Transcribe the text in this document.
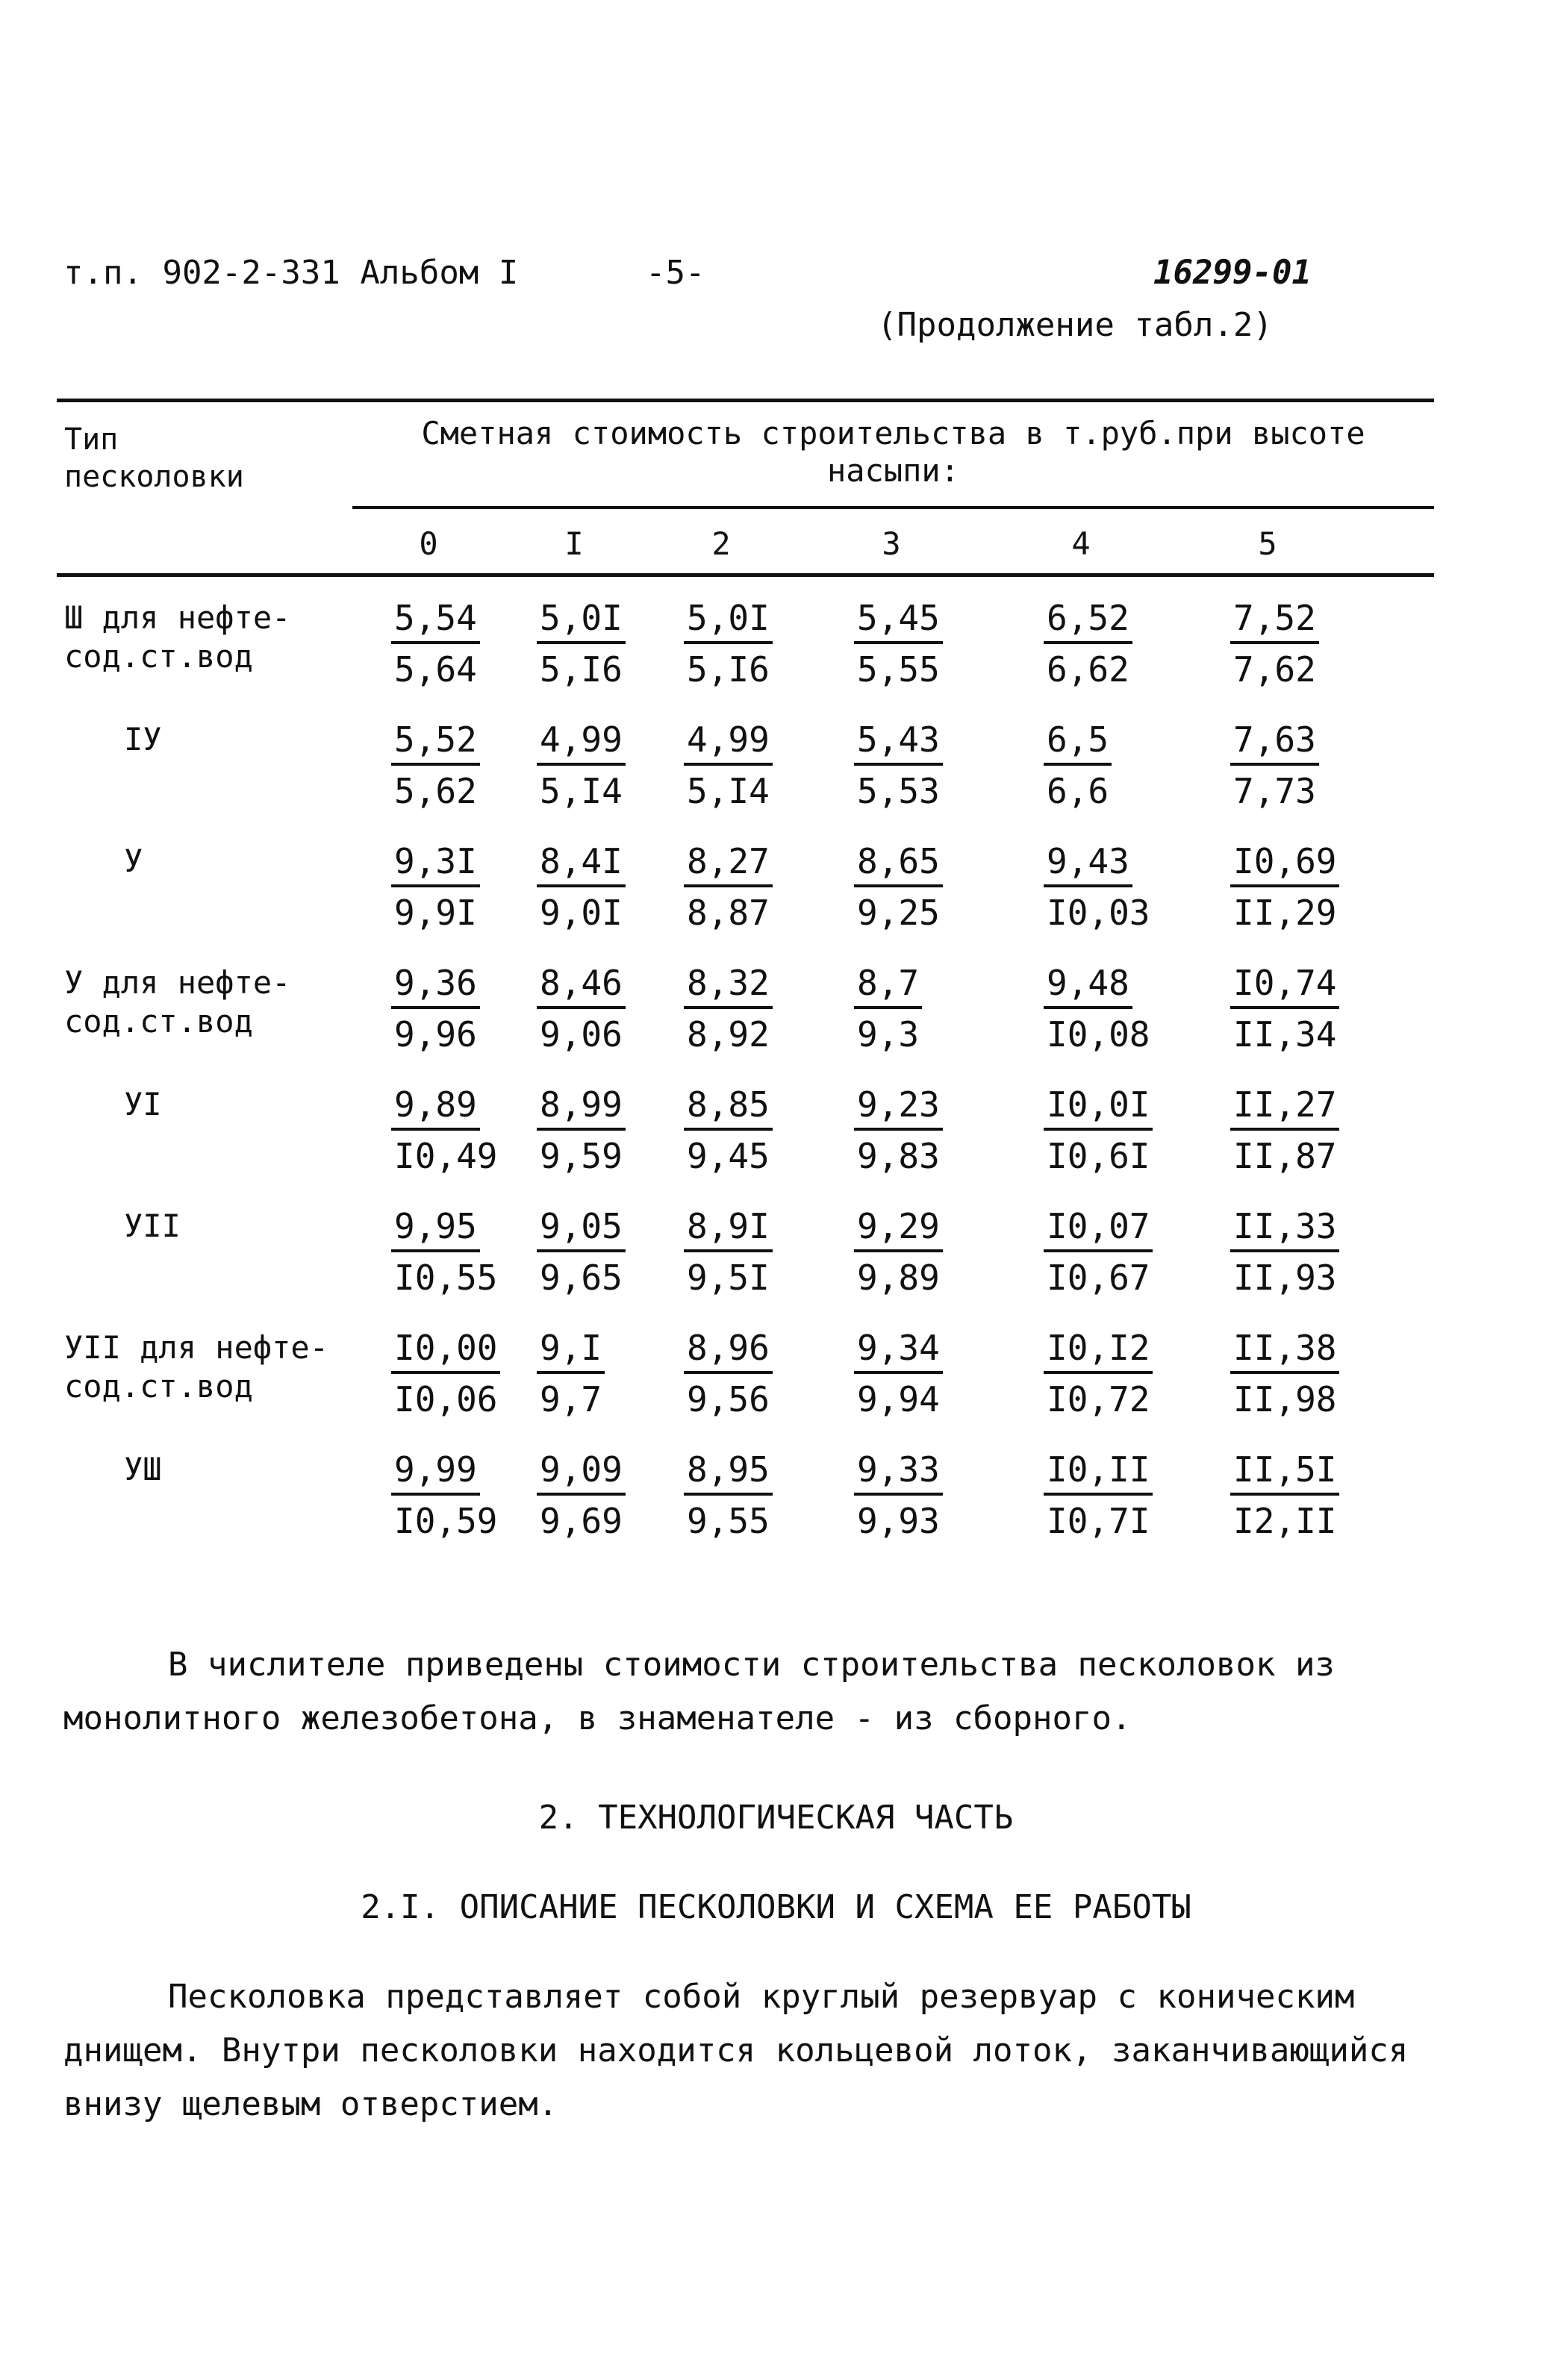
т.п. 902-2-331 Альбом I	-5-	16299-01
(Продолжение табл.2)
Тип
песколовки
Сметная стоимость строительства в т.руб.при высоте
насыпи:
0	I	2	3	4	5
Ш для нефте-
сод.ст.вод	$\frac{5,54}{5,64} \frac{5,0I}{5,I6} \frac{5,0I}{5,I6} \frac{5,45}{5,55}$	$\frac{6,52}{6,62}$	$\frac{7,52}{7,62}$
IУ	$\frac{5,52}{5,62} \frac{4,99}{5,I4} \frac{4,99}{5,I4} \frac{5,43}{5,53}$	$\frac{6,5}{6,6}$	$\frac{7,63}{7,73}$
У	$\frac{9,3I}{9,9I} \frac{8,4I}{9,0I} \frac{8,27}{8,87} \frac{8,65}{9,25}$	$\frac{9,43}{I0,03} \frac{I0,69}{II,29}$
У для нефте-
сод.ст.вод	$\frac{9,36}{9,96} \frac{8,46}{9,06} \frac{8,32}{8,92} \frac{8,7}{9,3}$	$\frac{9,48}{I0,08} \frac{I0,74}{II,34}$
УI	$\frac{9,89}{I0,49} \frac{8,99}{9,59} \frac{8,85}{9,45} \frac{9,23}{9,83}$	$\frac{I0,0I}{I0,6I} \frac{II,27}{II,87}$
УII	$\frac{9,95}{I0,55} \frac{9,05}{9,65} \frac{8,9I}{9,5I} \frac{9,29}{9,89}$	$\frac{I0,07}{I0,67} \frac{II,33}{II,93}$
УII для нефте-
сод.ст.вод	$\frac{I0,00}{I0,06} \frac{9,I}{9,7} \frac{8,96}{9,56} \frac{9,34}{9,94}$	$\frac{I0,I2}{I0,72} \frac{II,38}{II,98}$
УШ	$\frac{9,99}{I0,59} \frac{9,09}{9,69} \frac{8,95}{9,55} \frac{9,33}{9,93}$	$\frac{I0,II}{I0,7I} \frac{II,5I}{I2,II}$
В числителе приведены стоимости строительства песколовок из монолитного железобетона, в знаменателе - из сборного.
2. ТЕХНОЛОГИЧЕСКАЯ ЧАСТЬ
2.I. ОПИСАНИЕ ПЕСКОЛОВКИ И СХЕМА ЕЕ РАБОТЫ
Песколовка представляет собой круглый резервуар с коническим днищем. Внутри песколовки находится кольцевой лоток, заканчивающийся внизу щелевым отверстием.
